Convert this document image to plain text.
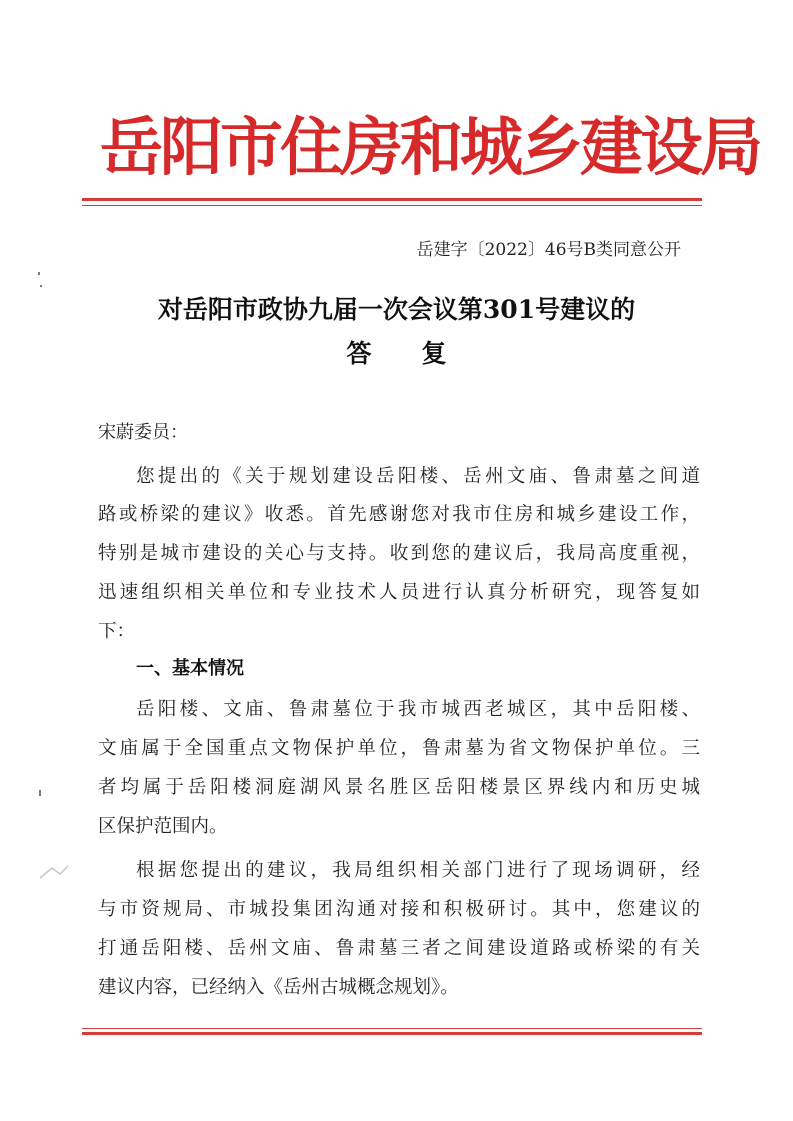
岳阳市住房和城乡建设局
岳建字〔2022〕46号B类同意公开
对岳阳市政协九届一次会议第301号建议的
答复
宋蔚委员：
您提出的《关于规划建设岳阳楼、岳州文庙、鲁肃墓之间道
路或桥梁的建议》收悉。首先感谢您对我市住房和城乡建设工作，
特别是城市建设的关心与支持。收到您的建议后，我局高度重视，
迅速组织相关单位和专业技术人员进行认真分析研究，现答复如
下：
一、基本情况
岳阳楼、文庙、鲁肃墓位于我市城西老城区，其中岳阳楼、
文庙属于全国重点文物保护单位，鲁肃墓为省文物保护单位。三
者均属于岳阳楼洞庭湖风景名胜区岳阳楼景区界线内和历史城
区保护范围内。
根据您提出的建议，我局组织相关部门进行了现场调研，经
与市资规局、市城投集团沟通对接和积极研讨。其中，您建议的
打通岳阳楼、岳州文庙、鲁肃墓三者之间建设道路或桥梁的有关
建议内容，已经纳入《岳州古城概念规划》。
